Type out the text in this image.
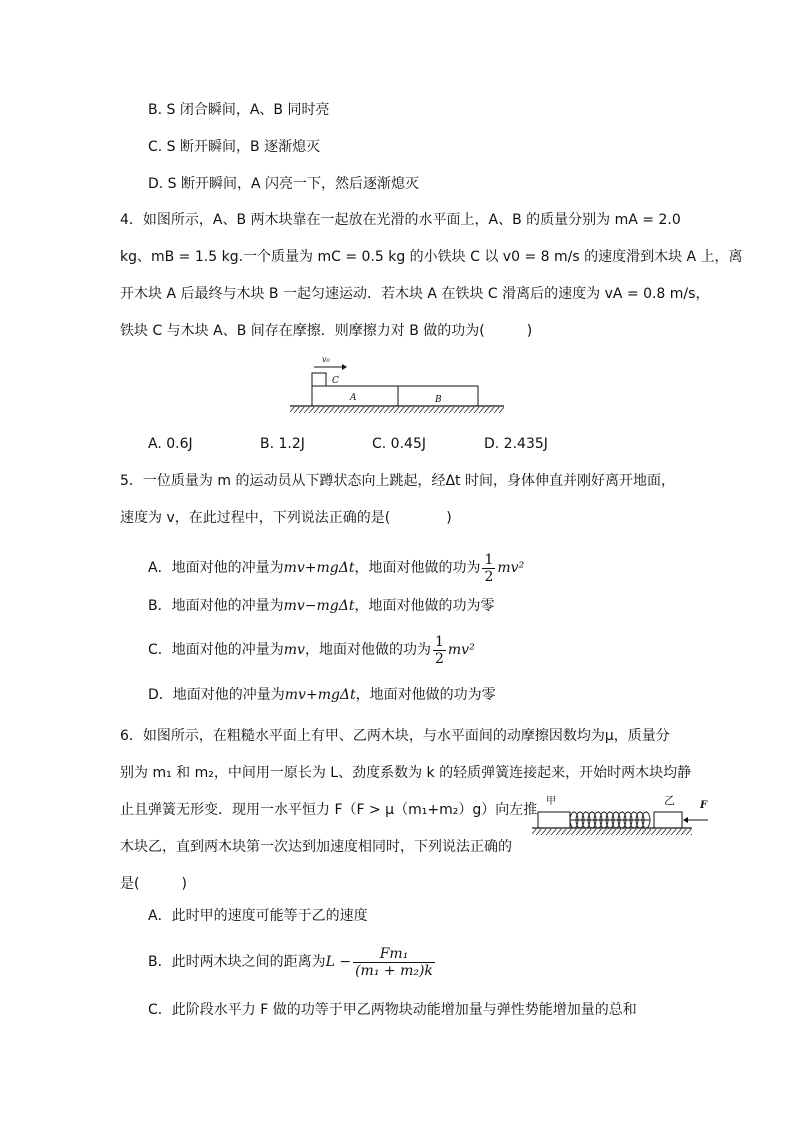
B. S 闭合瞬间，A、B 同时亮
C. S 断开瞬间，B 逐渐熄灭
D. S 断开瞬间，A 闪亮一下，然后逐渐熄灭
4．如图所示，A、B 两木块靠在一起放在光滑的水平面上，A、B 的质量分别为 mA = 2.0
kg、mB = 1.5 kg.一个质量为 mC = 0.5 kg 的小铁块 C 以 v0 = 8 m/s 的速度滑到木块 A 上，离
开木块 A 后最终与木块 B 一起匀速运动．若木块 A 在铁块 C 滑离后的速度为 vA = 0.8 m/s，
铁块 C 与木块 A、B 间存在摩擦．则摩擦力对 B 做的功为(　　　)
v₀
C
A	B
A. 0.6J	B. 1.2J	C. 0.45J	D. 2.435J
5．一位质量为 m 的运动员从下蹲状态向上跳起，经Δt 时间，身体伸直并刚好离开地面，
速度为 v，在此过程中，下列说法正确的是(　　　　)
A．地面对他的冲量为mv+mgΔt，地面对他做的功为 $\frac{1}{2} mv^2$
B．地面对他的冲量为mv−mgΔt，地面对他做的功为零
C．地面对他的冲量为mv，地面对他做的功为 $\frac{1}{2} mv^2$
D．地面对他的冲量为mv+mgΔt，地面对他做的功为零
6．如图所示，在粗糙水平面上有甲、乙两木块，与水平面间的动摩擦因数均为μ，质量分
别为 m₁ 和 m₂，中间用一原长为 L、劲度系数为 k 的轻质弹簧连接起来，开始时两木块均静
止且弹簧无形变．现用一水平恒力 F（F > μ（m₁+m₂）g）向左推
木块乙，直到两木块第一次达到加速度相同时，下列说法正确的
是(　　　)
甲	乙	F
A．此时甲的速度可能等于乙的速度
B．此时两木块之间的距离为$L - \frac{\text{Fm₁}}{\text{(m₁ + m₂)k}}$
C．此阶段水平力 F 做的功等于甲乙两物块动能增加量与弹性势能增加量的总和
